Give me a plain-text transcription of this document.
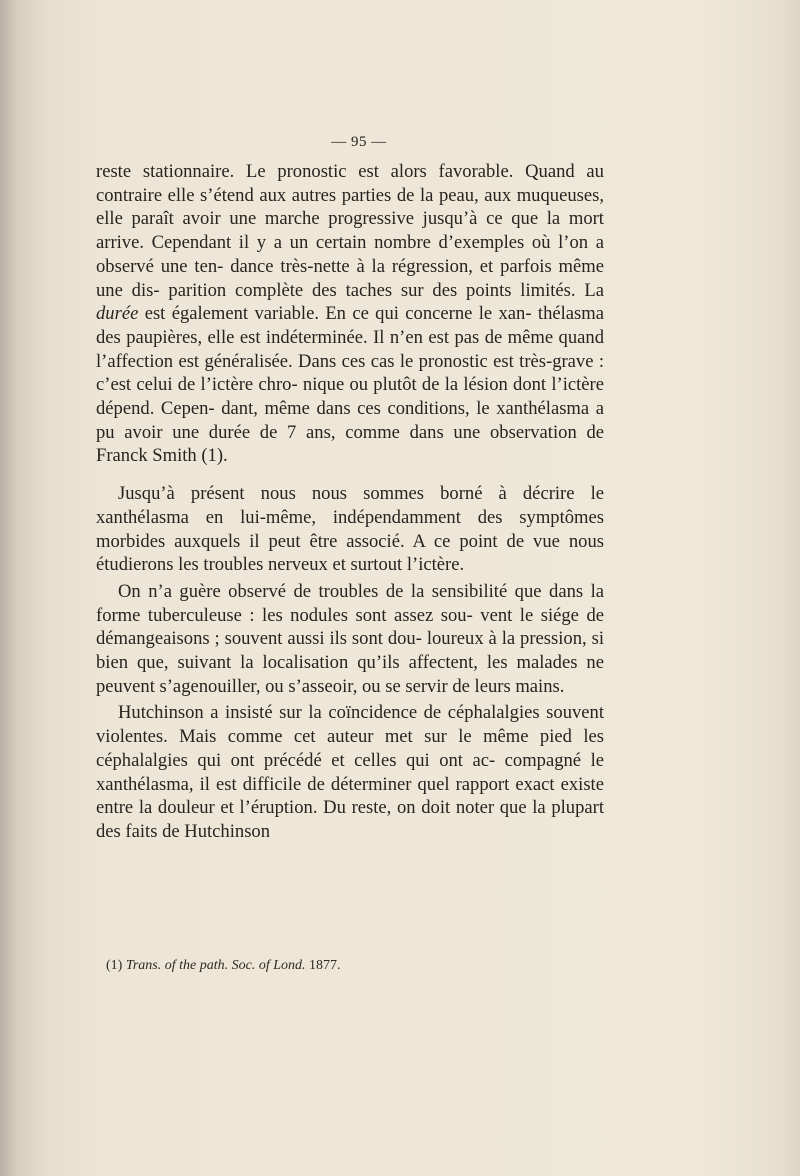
— 95 —

reste stationnaire. Le pronostic est alors favorable. Quand au contraire elle s’étend aux autres parties de la peau, aux muqueuses, elle paraît avoir une marche progressive jusqu’à ce que la mort arrive. Cependant il y a un certain nombre d’exemples où l’on a observé une ten- dance très-nette à la régression, et parfois même une dis- parition complète des taches sur des points limités. La durée est également variable. En ce qui concerne le xan- thélasma des paupières, elle est indéterminée. Il n’en est pas de même quand l’affection est généralisée. Dans ces cas le pronostic est très-grave : c’est celui de l’ictère chro- nique ou plutôt de la lésion dont l’ictère dépend. Cepen- dant, même dans ces conditions, le xanthélasma a pu avoir une durée de 7 ans, comme dans une observation de Franck Smith (1).

Jusqu’à présent nous nous sommes borné à décrire le xanthélasma en lui-même, indépendamment des symptômes morbides auxquels il peut être associé. A ce point de vue nous étudierons les troubles nerveux et surtout l’ictère.

On n’a guère observé de troubles de la sensibilité que dans la forme tuberculeuse : les nodules sont assez sou- vent le siége de démangeaisons ; souvent aussi ils sont dou- loureux à la pression, si bien que, suivant la localisation qu’ils affectent, les malades ne peuvent s’agenouiller, ou s’asseoir, ou se servir de leurs mains.

Hutchinson a insisté sur la coïncidence de céphalalgies souvent violentes. Mais comme cet auteur met sur le même pied les céphalalgies qui ont précédé et celles qui ont ac- compagné le xanthélasma, il est difficile de déterminer quel rapport exact existe entre la douleur et l’éruption. Du reste, on doit noter que la plupart des faits de Hutchinson

(1) Trans. of the path. Soc. of Lond. 1877.
